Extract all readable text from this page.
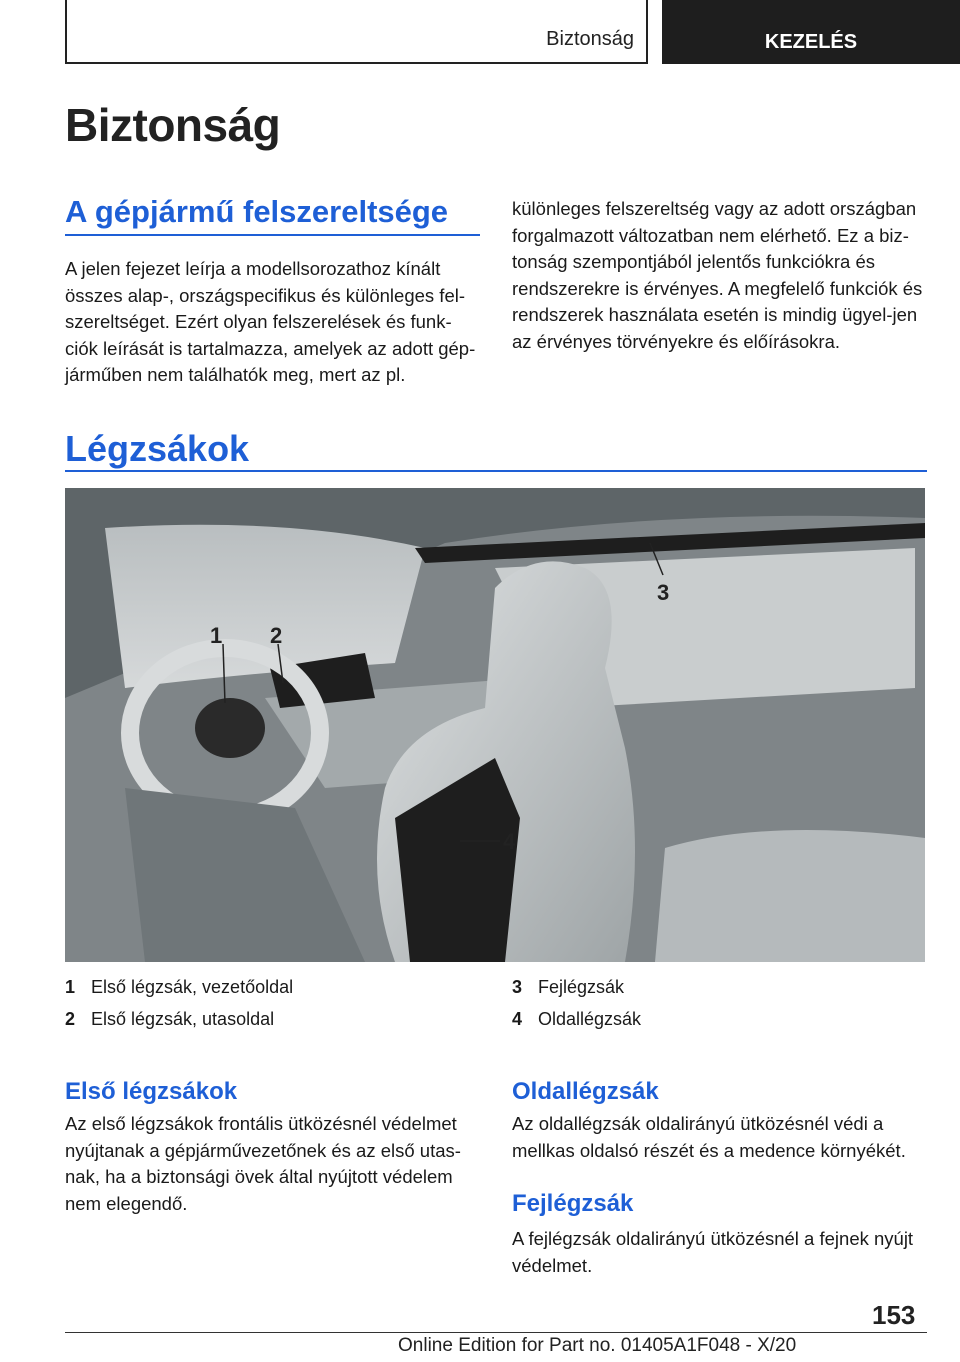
Biztonság	KEZELÉS
Biztonság
A gépjármű felszereltsége
A jelen fejezet leírja a modellsorozathoz kínált összes alap-, országspecifikus és különleges fel-szereltséget. Ezért olyan felszerelések és funk-ciók leírását is tartalmazza, amelyek az adott gép-járműben nem találhatók meg, mert az pl.
különleges felszereltség vagy az adott országban forgalmazott változatban nem elérhető. Ez a biz-tonság szempontjából jelentős funkciókra és rendszerekre is érvényes. A megfelelő funkciók és rendszerek használata esetén is mindig ügyel-jen az érvényes törvényekre és előírásokra.
Légzsákok
1 2
3
4
1 Első légzsák, vezetőoldal
2 Első légzsák, utasoldal
3 Fejlégzsák
4 Oldallégzsák
Első légzsákok
Az első légzsákok frontális ütközésnél védelmet nyújtanak a gépjárművezetőnek és az első utas-nak, ha a biztonsági övek által nyújtott védelem nem elegendő.
Oldallégzsák
Az oldallégzsák oldalirányú ütközésnél védi a mellkas oldalsó részét és a medence környékét.
Fejlégzsák
A fejlégzsák oldalirányú ütközésnél a fejnek nyújt védelmet.
153
Online Edition for Part no. 01405A1F048 - X/20
